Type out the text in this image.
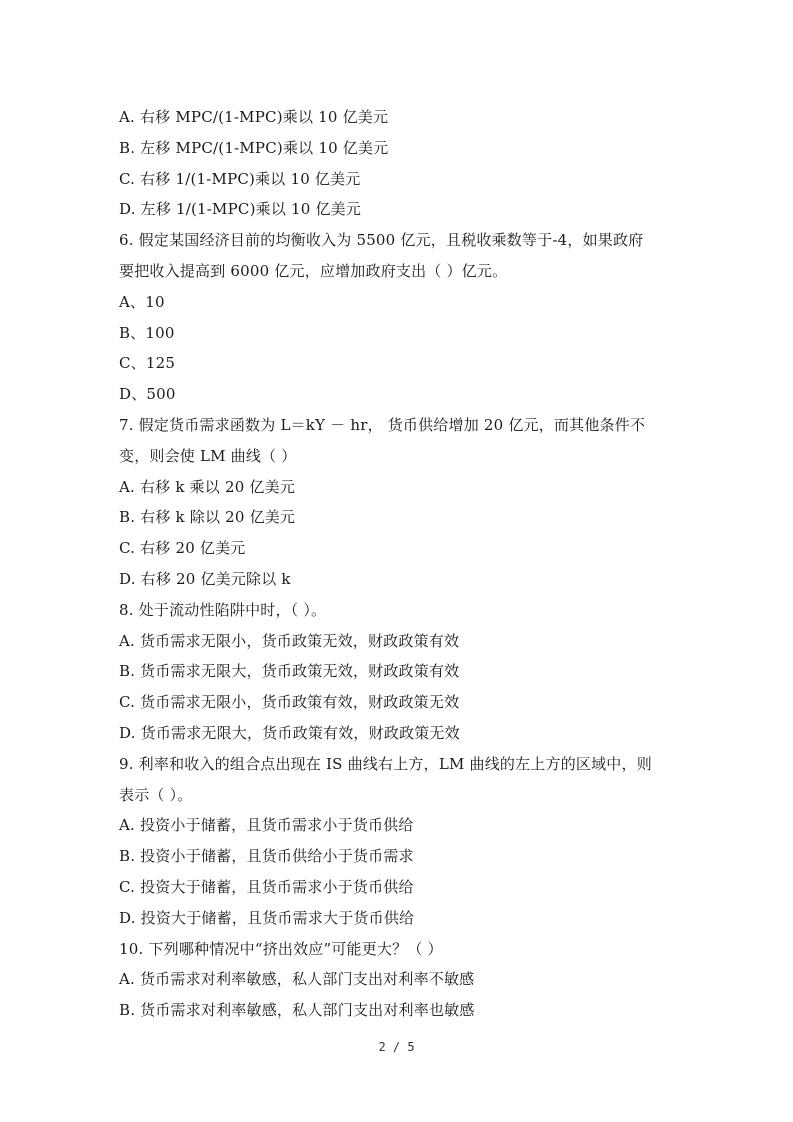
A. 右移 MPC/(1-MPC)乘以 10 亿美元
B. 左移 MPC/(1-MPC)乘以 10 亿美元
C. 右移 1/(1-MPC)乘以 10 亿美元
D. 左移 1/(1-MPC)乘以 10 亿美元
6. 假定某国经济目前的均衡收入为 5500 亿元，且税收乘数等于-4，如果政府
要把收入提高到 6000 亿元，应增加政府支出（ ）亿元。
A、10
B、100
C、125
D、500
7. 假定货币需求函数为 L＝kY － hr， 货币供给增加 20 亿元，而其他条件不
变，则会使 LM 曲线（ ）
A. 右移 k 乘以 20 亿美元
B. 右移 k 除以 20 亿美元
C. 右移 20 亿美元
D. 右移 20 亿美元除以 k
8. 处于流动性陷阱中时，（ ）。
A. 货币需求无限小，货币政策无效，财政政策有效
B. 货币需求无限大，货币政策无效，财政政策有效
C. 货币需求无限小，货币政策有效，财政政策无效
D. 货币需求无限大，货币政策有效，财政政策无效
9. 利率和收入的组合点出现在 IS 曲线右上方，LM 曲线的左上方的区域中，则
表示（ ）。
A. 投资小于储蓄，且货币需求小于货币供给
B. 投资小于储蓄，且货币供给小于货币需求
C. 投资大于储蓄，且货币需求小于货币供给
D. 投资大于储蓄，且货币需求大于货币供给
10. 下列哪种情况中“挤出效应”可能更大？（ ）
A. 货币需求对利率敏感，私人部门支出对利率不敏感
B. 货币需求对利率敏感，私人部门支出对利率也敏感
2 / 5
